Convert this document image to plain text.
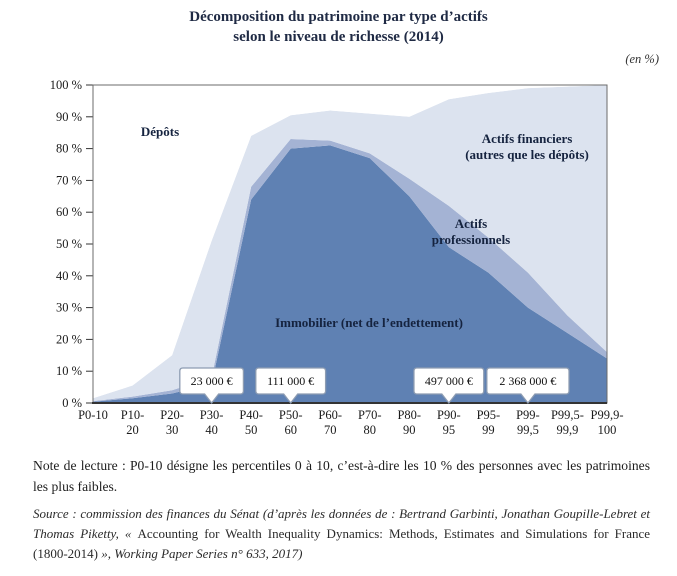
Décomposition du patrimoine par type d’actifs
selon le niveau de richesse (2014)
(en %)
0 %
10 %
20 %
30 %
40 %
50 %
60 %
70 %
80 %
90 %
100 %
P0-10 P10-
20
P20-
30
P30-
40
P40-
50
P50-
60
P60-
70
P70-
80
P80-
90
P90-
95
P95-
99
P99-
99,5
P99,5-
99,9
P99,9-
100
Dépôts	Actifs financiers
(autres que les dépôts)
Actifs
professionnels
Immobilier (net de l’endettement)
23 000 €	111 000 €	497 000 € 2 368 000 €
Note de lecture : P0-10 désigne les percentiles 0 à 10, c’est-à-dire les 10 % des personnes avec les patrimoines les plus faibles.
Source : commission des finances du Sénat (d’après les données de : Bertrand Garbinti, Jonathan Goupille-Lebret et Thomas Piketty, « Accounting for Wealth Inequality Dynamics: Methods, Estimates and Simulations for France (1800-2014) », Working Paper Series n° 633, 2017)
